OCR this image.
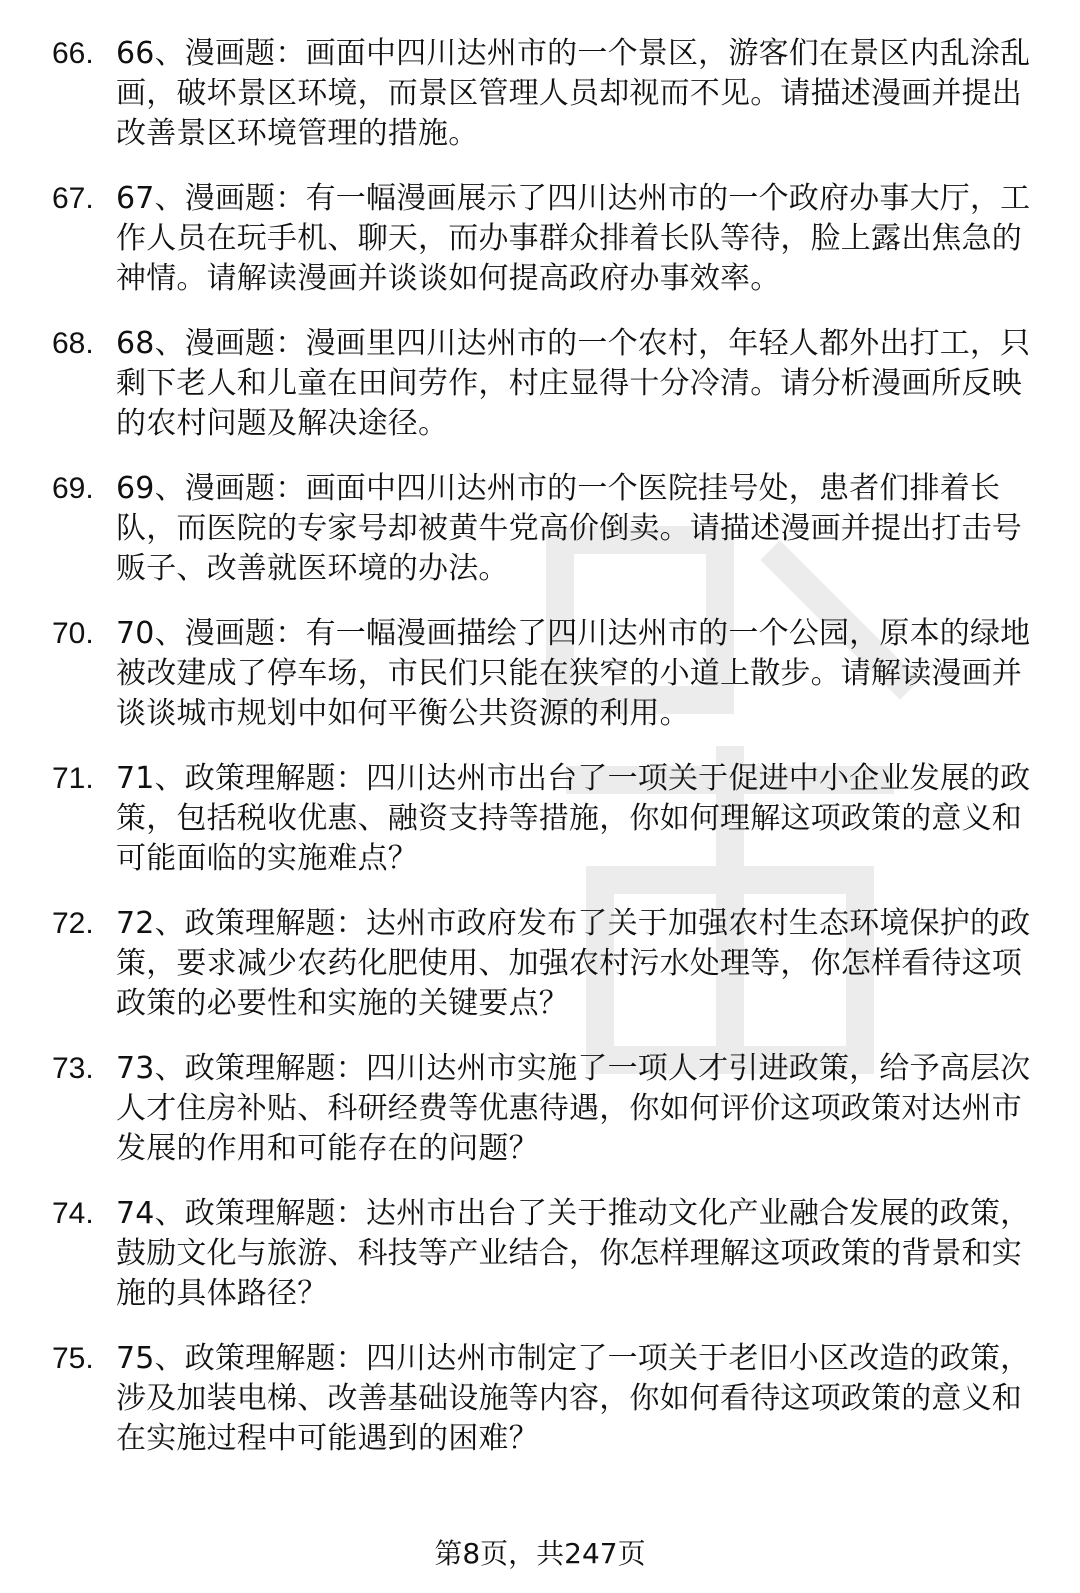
66. 66、漫画题：画面中四川达州市的一个景区，游客们在景区内乱涂乱画，破坏景区环境，而景区管理人员却视而不见。请描述漫画并提出改善景区环境管理的措施。
67. 67、漫画题：有一幅漫画展示了四川达州市的一个政府办事大厅，工作人员在玩手机、聊天，而办事群众排着长队等待，脸上露出焦急的神情。请解读漫画并谈谈如何提高政府办事效率。
68. 68、漫画题：漫画里四川达州市的一个农村，年轻人都外出打工，只剩下老人和儿童在田间劳作，村庄显得十分冷清。请分析漫画所反映的农村问题及解决途径。
69. 69、漫画题：画面中四川达州市的一个医院挂号处，患者们排着长队，而医院的专家号却被黄牛党高价倒卖。请描述漫画并提出打击号贩子、改善就医环境的办法。
70. 70、漫画题：有一幅漫画描绘了四川达州市的一个公园，原本的绿地被改建成了停车场，市民们只能在狭窄的小道上散步。请解读漫画并谈谈城市规划中如何平衡公共资源的利用。
71. 71、政策理解题：四川达州市出台了一项关于促进中小企业发展的政策，包括税收优惠、融资支持等措施，你如何理解这项政策的意义和可能面临的实施难点？
72. 72、政策理解题：达州市政府发布了关于加强农村生态环境保护的政策，要求减少农药化肥使用、加强农村污水处理等，你怎样看待这项政策的必要性和实施的关键要点？
73. 73、政策理解题：四川达州市实施了一项人才引进政策，给予高层次人才住房补贴、科研经费等优惠待遇，你如何评价这项政策对达州市发展的作用和可能存在的问题？
74. 74、政策理解题：达州市出台了关于推动文化产业融合发展的政策，鼓励文化与旅游、科技等产业结合，你怎样理解这项政策的背景和实施的具体路径？
75. 75、政策理解题：四川达州市制定了一项关于老旧小区改造的政策，涉及加装电梯、改善基础设施等内容，你如何看待这项政策的意义和在实施过程中可能遇到的困难？
第8页，共247页
